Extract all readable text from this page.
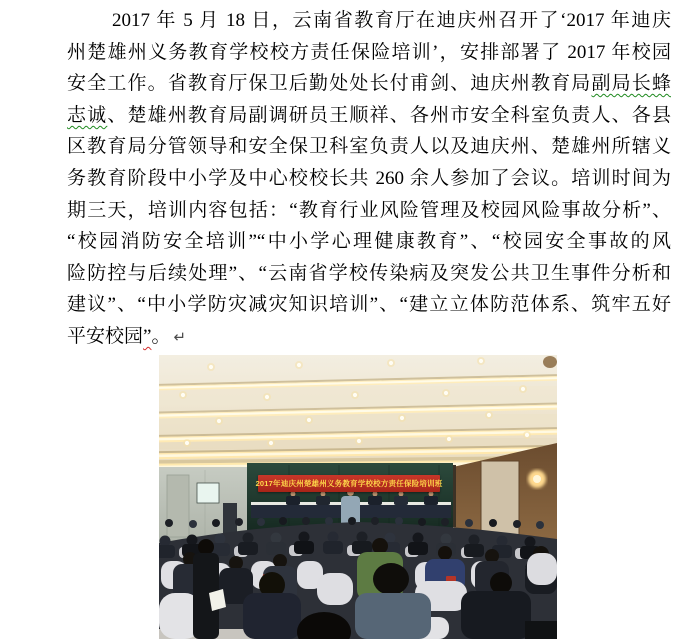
2017 年 5 月 18 日，云南省教育厅在迪庆州召开了‘2017 年迪庆
州楚雄州义务教育学校校方责任保险培训’，安排部署了 2017 年校园
安全工作。省教育厅保卫后勤处处长付甫剑、迪庆州教育局副局长蜂
志诚、楚雄州教育局副调研员王顺祥、各州市安全科室负责人、各县
区教育局分管领导和安全保卫科室负责人以及迪庆州、楚雄州所辖义
务教育阶段中小学及中心校校长共 260 余人参加了会议。培训时间为
期三天，培训内容包括：“教育行业风险管理及校园风险事故分析”、
“校园消防安全培训”“中小学心理健康教育”、“校园安全事故的风
险防控与后续处理”、“云南省学校传染病及突发公共卫生事件分析和
建议”、“中小学防灾减灾知识培训”、“建立立体防范体系、筑牢五好
平安校园”。 ↵
2017年迪庆州楚雄州义务教育学校校方责任保险培训班
